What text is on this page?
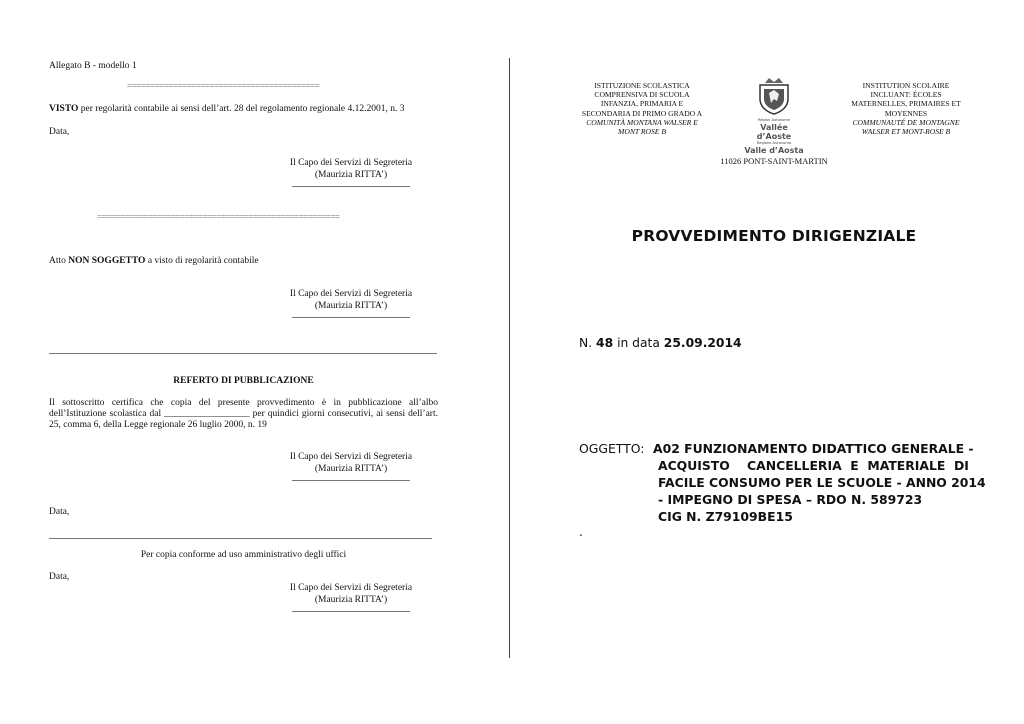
Allegato B - modello 1
==========================================
VISTO per regolarità contabile ai sensi dell’art. 28 del regolamento regionale 4.12.2001, n. 3
Data,
Il Capo dei Servizi di Segreteria
(Maurizia RITTA’)
=====================================================
Atto NON SOGGETTO a visto di regolarità contabile
Il Capo dei Servizi di Segreteria
(Maurizia RITTA’)
REFERTO DI PUBBLICAZIONE
Il sottoscritto certifica che copia del presente provvedimento è in pubblicazione all’albo dell’Istituzione scolastica dal __________________ per quindici giorni consecutivi, ai sensi dell’art. 25, comma 6, della Legge regionale 26 luglio 2000, n. 19
Il Capo dei Servizi di Segreteria
(Maurizia RITTA’)
Data,
Per copia conforme ad uso amministrativo degli uffici
Data,
Il Capo dei Servizi di Segreteria
(Maurizia RITTA’)
ISTITUZIONE SCOLASTICA
COMPRENSIVA DI SCUOLA
INFANZIA, PRIMARIA E
SECONDARIA DI PRIMO GRADO A
COMUNITÀ MONTANA WALSER E
MONT ROSE B
Région Autonome
Vallée d’Aoste
Regione Autonoma
Valle d’Aosta
INSTITUTION SCOLAIRE
INCLUANT: ÉCOLES
MATERNELLES, PRIMAIRES ET
MOYENNES
COMMUNAUTÉ DE MONTAGNE
WALSER ET MONT-ROSE B
11026 PONT-SAINT-MARTIN
PROVVEDIMENTO DIRIGENZIALE
N. 48 in data 25.09.2014
OGGETTO: A02 FUNZIONAMENTO DIDATTICO GENERALE -
ACQUISTO    CANCELLERIA  E  MATERIALE  DI
FACILE CONSUMO PER LE SCUOLE - ANNO 2014
- IMPEGNO DI SPESA – RDO N. 589723
CIG N. Z79109BE15
.
